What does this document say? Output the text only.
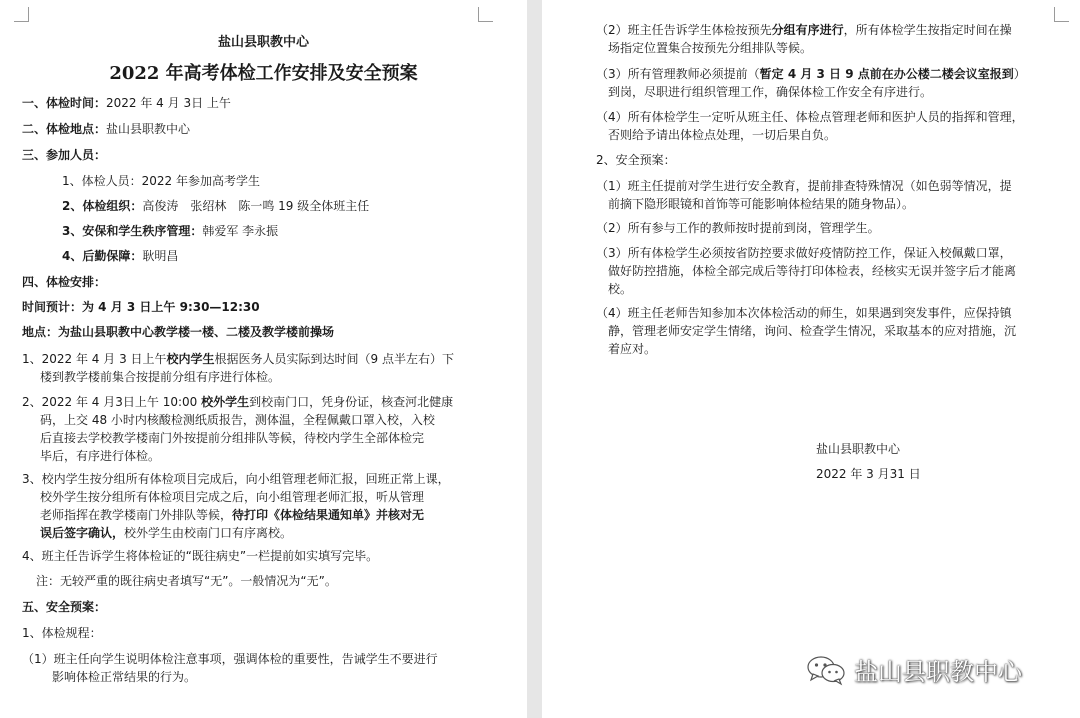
盐山县职教中心
2022 年高考体检工作安排及安全预案
一、体检时间：2022 年 4 月 3日 上午
二、体检地点：盐山县职教中心
三、参加人员：
1、体检人员：2022 年参加高考学生
2、体检组织：高俊涛　张绍林　陈一鸣 19 级全体班主任
3、安保和学生秩序管理：韩爱军 李永振
4、后勤保障：耿明昌
四、体检安排：
时间预计：为 4 月 3 日上午 9:30—12:30
地点：为盐山县职教中心教学楼一楼、二楼及教学楼前操场
1、2022 年 4 月 3 日上午校内学生根据医务人员实际到达时间（9 点半左右）下
楼到教学楼前集合按提前分组有序进行体检。
2、2022 年 4 月3日上午 10:00 校外学生到校南门口，凭身份证，核查河北健康
码，上交 48 小时内核酸检测纸质报告，测体温，全程佩戴口罩入校，入校
后直接去学校教学楼南门外按提前分组排队等候，待校内学生全部体检完
毕后，有序进行体检。
3、校内学生按分组所有体检项目完成后，向小组管理老师汇报，回班正常上课，
校外学生按分组所有体检项目完成之后，向小组管理老师汇报，听从管理
老师指挥在教学楼南门外排队等候，待打印《体检结果通知单》并核对无
误后签字确认，校外学生由校南门口有序离校。
4、班主任告诉学生将体检证的“既往病史”一栏提前如实填写完毕。
注：无较严重的既往病史者填写“无”。一般情况为“无”。
五、安全预案：
1、体检规程：
（1）班主任向学生说明体检注意事项，强调体检的重要性，告诫学生不要进行
影响体检正常结果的行为。
（2）班主任告诉学生体检按预先分组有序进行，所有体检学生按指定时间在操
场指定位置集合按预先分组排队等候。
（3）所有管理教师必须提前（暂定 4 月 3 日 9 点前在办公楼二楼会议室报到）
到岗，尽职进行组织管理工作，确保体检工作安全有序进行。
（4）所有体检学生一定听从班主任、体检点管理老师和医护人员的指挥和管理，
否则给予请出体检点处理，一切后果自负。
2、安全预案：
（1）班主任提前对学生进行安全教育，提前排查特殊情况（如色弱等情况，提
前摘下隐形眼镜和首饰等可能影响体检结果的随身物品）。
（2）所有参与工作的教师按时提前到岗，管理学生。
（3）所有体检学生必须按省防控要求做好疫情防控工作，保证入校佩戴口罩，
做好防控措施，体检全部完成后等待打印体检表，经核实无误并签字后才能离
校。
（4）班主任老师告知参加本次体检活动的师生，如果遇到突发事件，应保持镇
静，管理老师安定学生情绪，询问、检查学生情况，采取基本的应对措施，沉
着应对。
盐山县职教中心
2022 年 3 月31 日
盐山县职教中心
